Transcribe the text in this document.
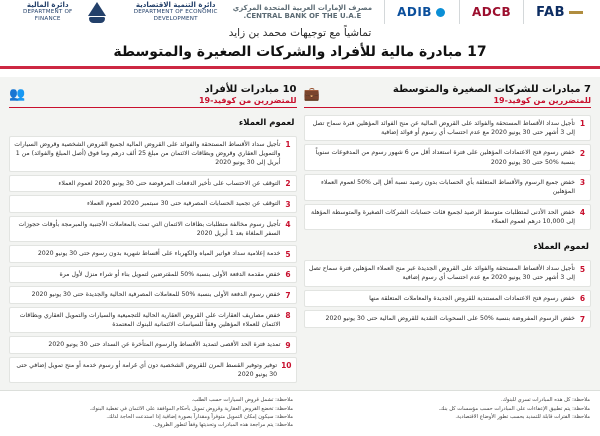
FAB
ADCB
ADIB
مصرف الإمارات العربية المتحدة المركزي
CENTRAL BANK OF THE U.A.E.
دائرة التنمية الاقتصادية
DEPARTMENT OF ECONOMIC DEVELOPMENT
دائرة المالية
DEPARTMENT OF FINANCE
تماشياً مع توجيهات محمد بن زايد
17 مبادرة مالية للأفراد والشركات الصغيرة والمتوسطة
7 مبادرات للشركات الصغيرة والمتوسطة
للمتضررين من كوفيد-19
💼
1
تأجيل سداد الأقساط المستحقة والفوائد على القروض المالية عن منح الفوائد المؤهلين فترة سماح تصل إلى 3 أشهر حتى 30 يونيو 2020 مع عدم احتساب أي رسوم أو فوائد إضافية
2
خفض رسوم فتح الاعتمادات المؤهلين على فترة استعداد أقل من 6 شهور رسوم من المدفوعات سنوياً بنسبة %50 حتى 30 يونيو 2020
3
خفض جميع الرسوم والأقساط المتعلقة بأي الحسابات بدون رصيد نسبة أقل إلى %50 لعموم العملاء المؤهلين
4
خفض الحد الأدنى لمتطلبات متوسط الرصيد لجميع فئات حسابات الشركات الصغيرة والمتوسطة المؤهلة إلى 10,000 درهم لعموم العملاء
لعموم العملاء
5
تأجيل سداد الأقساط المستحقة والفوائد على القروض الجديدة عبر منح العملاء المؤهلين فترة سماح تصل إلى 3 أشهر حتى 30 يونيو 2020 مع عدم احتساب أي رسوم إضافية
6
خفض رسوم فتح الاعتمادات المستندية للقروض الجديدة والمعاملات المتعلقة منها
7
خفض الرسوم المفروضة بنسبة %50 على السحوبات النقدية للقروض المالية حتى 30 يونيو 2020
10 مبادرات للأفراد
للمتضررين من كوفيد-19
👥
لعموم العملاء
1
تأجيل سداد الأقساط المستحقة والفوائد على القروض المالية لجميع القروض الشخصية وقروض السيارات والتمويل العقاري وقروض وبطاقات الائتمان من مبلغ 25 ألف درهم وما فوق (أصل المبلغ والفوائد) من 1 أبريل إلى 30 يونيو 2020
2
التوقف عن الاحتساب على تأخير الدفعات المرفوضة حتى 30 يونيو 2020 لعموم العملاء
3
التوقف عن تجميد الحسابات المصرفية حتى 30 سبتمبر 2020 لعموم العملاء
4
تأجيل رسوم مخالفة متطلبات بطاقات الائتمان التي تمت بالمعاملات الأجنبية والمبرمجة بأوقات حجوزات السفر الملغاة بعد 1 أبريل 2020
5
خدمة إعلامية سداد فواتير المياه والكهرباء على أقساط شهرية بدون رسوم حتى 30 يونيو 2020
6
خفض مقدمة الدفعة الأولى بنسبة %50 للمقترضين لتمويل بناء أو شراء منزل لأول مرة
7
خفض رسوم الدفعة الأولى بنسبة %50 للمعاملات المصرفية الحالية والجديدة حتى 30 يونيو 2020
8
خفض مصاريف العقارات على القروض العقارية الحالية للتجميعية والسيارات والتمويل العقاري وبطاقات الائتمان للعملاء المؤهلين وفقاً للسياسات الائتمانية للبنوك المعتمدة
9
تمديد فترة الحد الأقصى لتمديد الأقساط والرسوم المتأخرة عن السداد حتى 30 يونيو 2020
10
توفير وتوفير القسط المرن للقروض الشخصية دون أي غرامة أو رسوم خدمة أو منح تمويل إضافي حتى 30 يونيو 2020
ملاحظة: كل هذه المبادرات تسري للبنوك.
ملاحظة: يتم تطبيق الإعفاءات على المبادرات حسب مؤسسات كل بنك.
ملاحظة: الفترات قابلة للتمديد بحسب تطور الأوضاع الاقتصادية.
ملاحظة: تشمل قروض السيارات حسب الطلب.
ملاحظة: تخضع القروض العقارية وقروض تمويل بأحكام الموافقة على الائتمان في تغطية البنوك.
ملاحظة: سيكون إمكان التمويل متوفراً ومقداراً بصورة إضافية إذا استدعت الحاجة لذلك.
ملاحظة: يتم مراجعة هذه المبادرات وتحديثها وفقاً لتطور الظروف.
